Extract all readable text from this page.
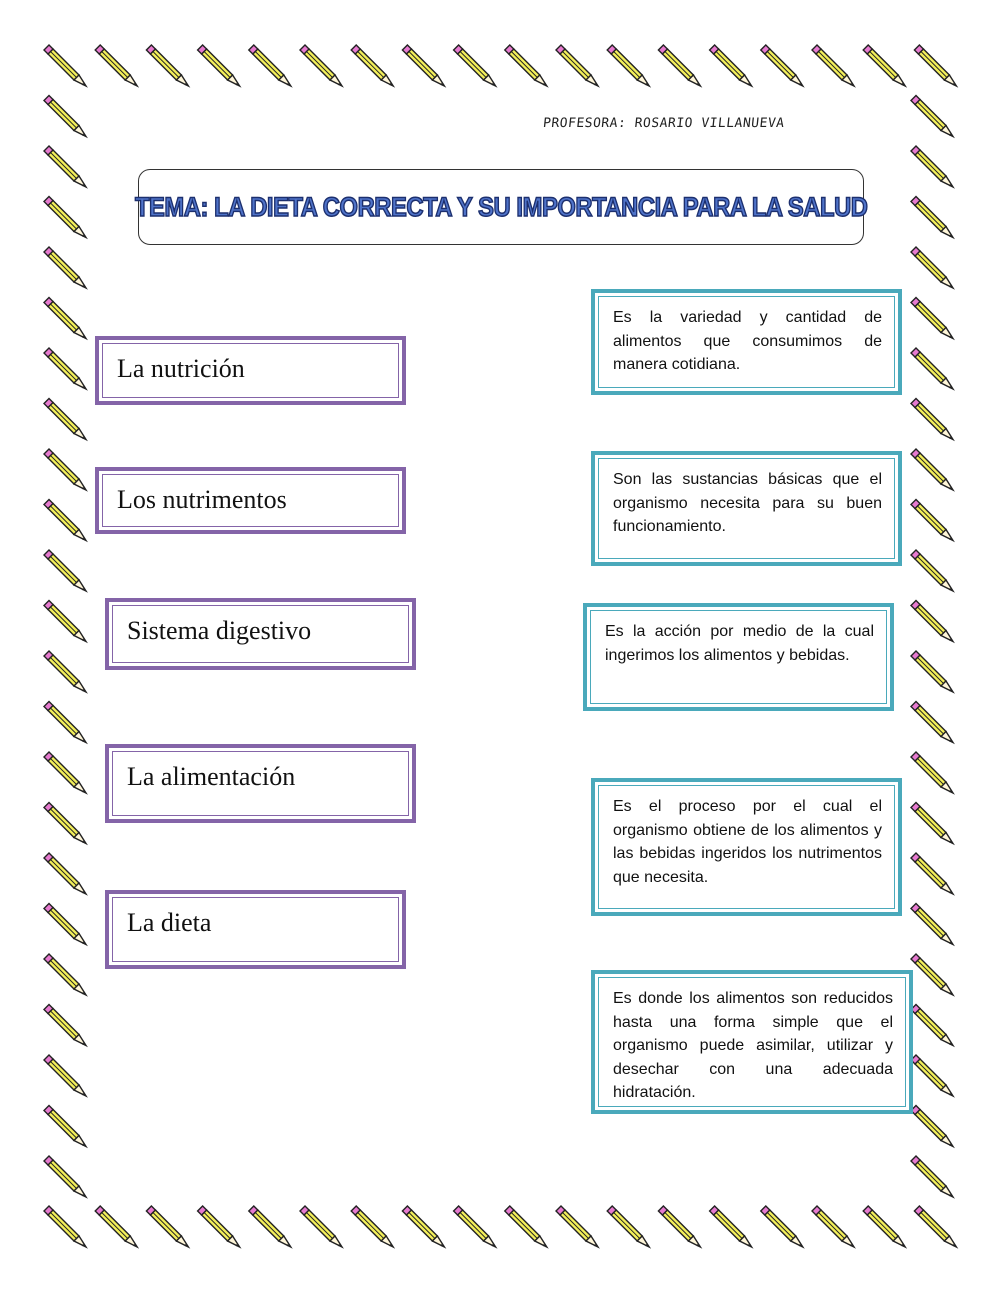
PROFESORA: ROSARIO VILLANUEVA
TEMA: LA DIETA CORRECTA Y SU IMPORTANCIA PARA LA SALUD
La nutrición
Los nutrimentos
Sistema digestivo
La alimentación
La dieta
Es la variedad y cantidad de alimentos que consumimos de manera cotidiana.
Son las sustancias básicas que el organismo necesita para su buen funcionamiento.
Es la acción por medio de la cual ingerimos los alimentos y bebidas.
Es el proceso por el cual el organismo obtiene de los alimentos y las bebidas ingeridos los nutrimentos que necesita.
Es donde los alimentos son reducidos hasta una forma simple que el organismo puede asimilar, utilizar y desechar con una adecuada hidratación.
